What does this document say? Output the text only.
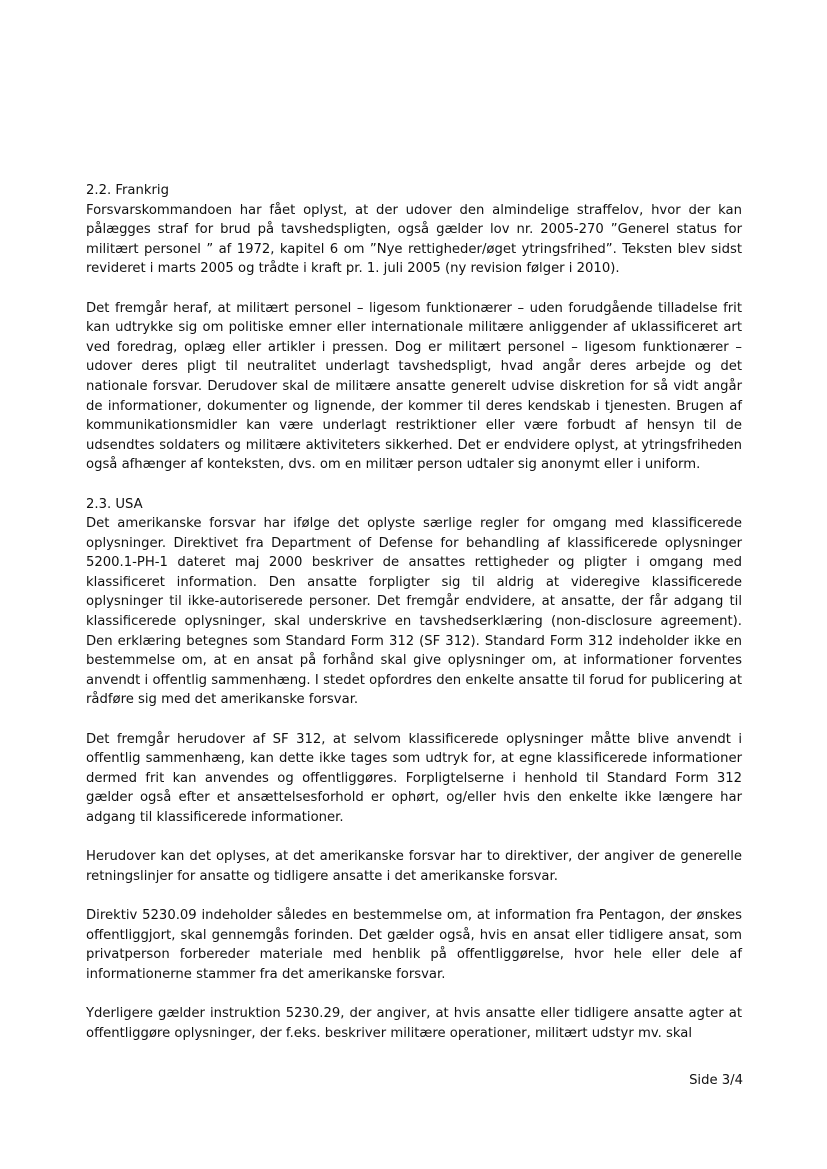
2.2. Frankrig

Forsvarskommandoen har fået oplyst, at der udover den almindelige straffelov, hvor der kan pålægges straf for brud på tavshedspligten, også gælder lov nr. 2005-270 ”Generel status for militært personel ” af 1972, kapitel 6 om ”Nye rettigheder/øget ytringsfrihed”. Teksten blev sidst revideret i marts 2005 og trådte i kraft pr. 1. juli 2005 (ny revision følger i 2010).

Det fremgår heraf, at militært personel – ligesom funktionærer – uden forudgående tilladelse frit kan udtrykke sig om politiske emner eller internationale militære anliggender af uklassificeret art ved foredrag, oplæg eller artikler i pressen. Dog er militært personel – ligesom funktionærer – udover deres pligt til neutralitet underlagt tavshedspligt, hvad angår deres arbejde og det nationale forsvar. Derudover skal de militære ansatte generelt udvise diskretion for så vidt angår de informationer, dokumenter og lignende, der kommer til deres kendskab i tjenesten. Brugen af kommunikationsmidler kan være underlagt restriktioner eller være forbudt af hensyn til de udsendtes soldaters og militære aktiviteters sikkerhed. Det er endvidere oplyst, at ytringsfriheden også afhænger af konteksten, dvs. om en militær person udtaler sig anonymt eller i uniform.

2.3. USA

Det amerikanske forsvar har ifølge det oplyste særlige regler for omgang med klassificerede oplysninger. Direktivet fra Department of Defense for behandling af klassificerede oplysninger 5200.1-PH-1 dateret maj 2000 beskriver de ansattes rettigheder og pligter i omgang med klassificeret information. Den ansatte forpligter sig til aldrig at videregive klassificerede oplysninger til ikke-autoriserede personer. Det fremgår endvidere, at ansatte, der får adgang til klassificerede oplysninger, skal underskrive en tavshedserklæring (non-disclosure agreement). Den erklæring betegnes som Standard Form 312 (SF 312). Standard Form 312 indeholder ikke en bestemmelse om, at en ansat på forhånd skal give oplysninger om, at informationer forventes anvendt i offentlig sammenhæng. I stedet opfordres den enkelte ansatte til forud for publicering at rådføre sig med det amerikanske forsvar.

Det fremgår herudover af SF 312, at selvom klassificerede oplysninger måtte blive anvendt i offentlig sammenhæng, kan dette ikke tages som udtryk for, at egne klassificerede informationer dermed frit kan anvendes og offentliggøres. Forpligtelserne i henhold til Standard Form 312 gælder også efter et ansættelsesforhold er ophørt, og/eller hvis den enkelte ikke længere har adgang til klassificerede informationer.

Herudover kan det oplyses, at det amerikanske forsvar har to direktiver, der angiver de generelle retningslinjer for ansatte og tidligere ansatte i det amerikanske forsvar.

Direktiv 5230.09 indeholder således en bestemmelse om, at information fra Pentagon, der ønskes offentliggjort, skal gennemgås forinden. Det gælder også, hvis en ansat eller tidligere ansat, som privatperson forbereder materiale med henblik på offentliggørelse, hvor hele eller dele af informationerne stammer fra det amerikanske forsvar.

Yderligere gælder instruktion 5230.29, der angiver, at hvis ansatte eller tidligere ansatte agter at offentliggøre oplysninger, der f.eks. beskriver militære operationer, militært udstyr mv. skal

Side 3/4
